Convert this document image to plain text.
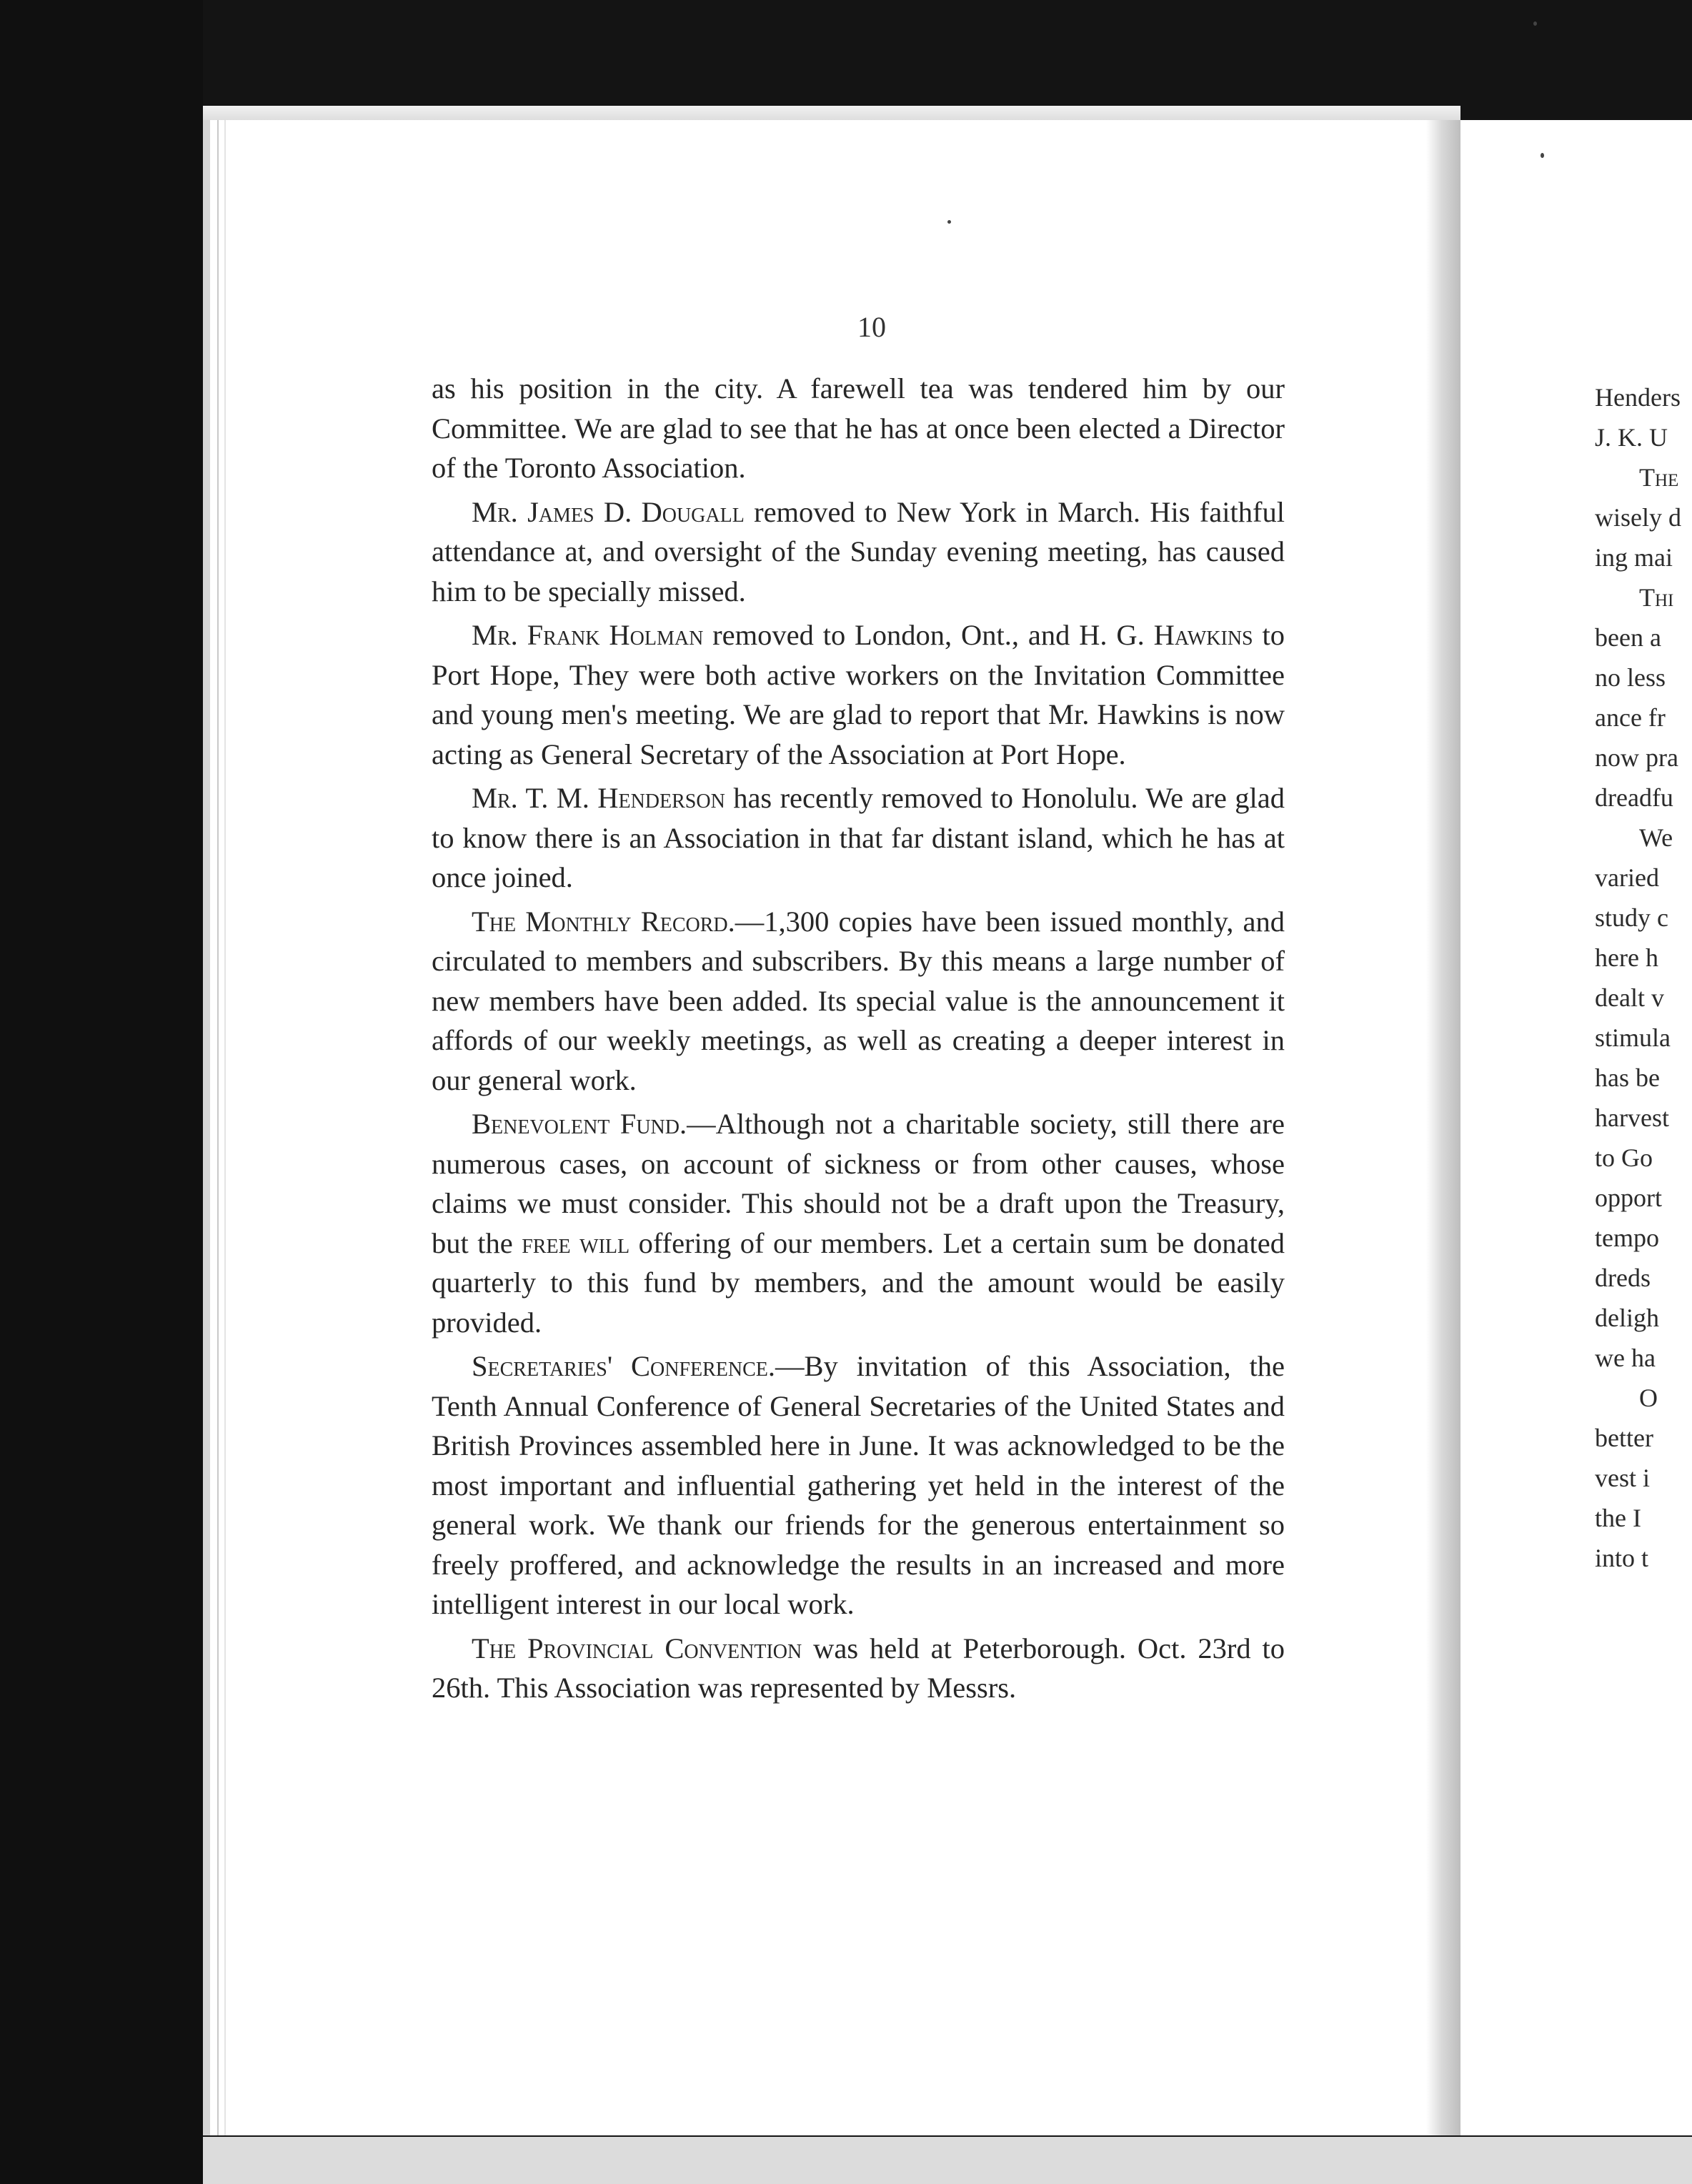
10

as his position in the city. A farewell tea was tendered him by our Committee. We are glad to see that he has at once been elected a Director of the Toronto Association.

Mr. James D. Dougall removed to New York in March. His faithful attendance at, and oversight of the Sunday evening meeting, has caused him to be specially missed.

Mr. Frank Holman removed to London, Ont., and H. G. Hawkins to Port Hope, They were both active workers on the Invitation Committee and young men's meeting. We are glad to report that Mr. Hawkins is now acting as General Secretary of the Association at Port Hope.

Mr. T. M. Henderson has recently removed to Honolulu. We are glad to know there is an Association in that far distant island, which he has at once joined.

The Monthly Record.—1,300 copies have been issued monthly, and circulated to members and subscribers. By this means a large number of new members have been added. Its special value is the announcement it affords of our weekly meetings, as well as creating a deeper interest in our general work.

Benevolent Fund.—Although not a charitable society, still there are numerous cases, on account of sickness or from other causes, whose claims we must consider. This should not be a draft upon the Treasury, but the free will offering of our members. Let a certain sum be donated quarterly to this fund by members, and the amount would be easily provided.

Secretaries' Conference.—By invitation of this Association, the Tenth Annual Conference of General Secretaries of the United States and British Provinces assembled here in June. It was acknowledged to be the most important and influential gathering yet held in the interest of the general work. We thank our friends for the generous entertainment so freely proffered, and acknowledge the results in an increased and more intelligent interest in our local work.

The Provincial Convention was held at Peterborough. Oct. 23rd to 26th. This Association was represented by Messrs.

Henders
J. K. U
The
wisely d
ing mai
Thi
been a
no less
ance fr
now pra
dreadfu
We
varied
study c
here h
dealt v
stimula
has be
harvest
to Go
opport
tempo
dreds
deligh
we ha
O
better
vest i
the I
into t
